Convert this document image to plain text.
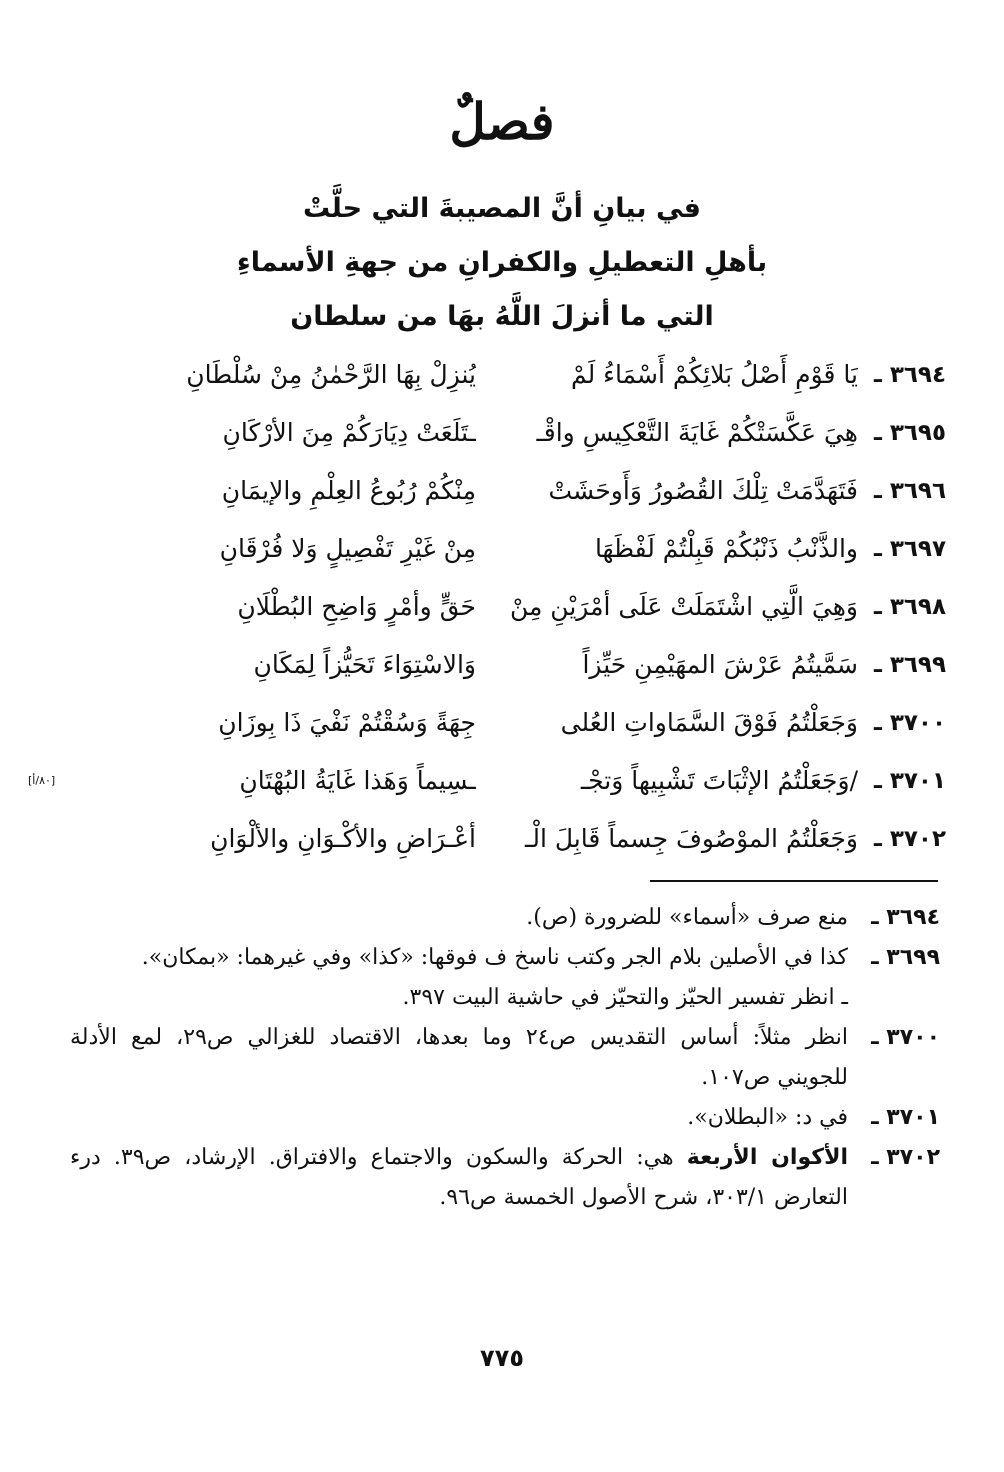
فصلٌ
في بيانِ أنَّ المصيبةَ التي حلَّتْ
بأهلِ التعطيلِ والكفرانِ من جهةِ الأسماءِ
التي ما أنزلَ اللَّهُ بهَا من سلطان
٣٦٩٤ ـ
يَا قَوْمِ أَصْلُ بَلائِكُمْ أَسْمَاءُ لَمْ
يُنزِلْ بِهَا الرَّحْمٰنُ مِنْ سُلْطَانِ
٣٦٩٥ ـ
هِيَ عَكَّسَتْكُمْ غَايَةَ التَّعْكِيسِ واقْـ
ـتَلَعَتْ دِيَارَكُمْ مِنَ الأرْكَانِ
٣٦٩٦ ـ
فَتَهَدَّمَتْ تِلْكَ القُصُورُ وَأَوحَشَتْ
مِنْكُمْ رُبُوعُ العِلْمِ والإيمَانِ
٣٦٩٧ ـ
والذَّنْبُ ذَنْبُكُمْ قَبِلْتُمْ لَفْظَهَا
مِنْ غَيْرِ تَفْصِيلٍ وَلا فُرْقَانِ
٣٦٩٨ ـ
وَهِيَ الَّتِي اشْتَمَلَتْ عَلَى أمْرَيْنِ مِنْ
حَقٍّ وأمْرٍ وَاضِحِ البُطْلَانِ
٣٦٩٩ ـ
سَمَّيتُمُ عَرْشَ المهَيْمِنِ حَيِّزاً
وَالاسْتِوَاءَ تَحَيُّزاً لِمَكَانِ
٣٧٠٠ ـ
وَجَعَلْتُمُ فَوْقَ السَّمَاواتِ العُلى
جِهَةً وَسُقْتُمْ نَفْيَ ذَا بِوزَانِ
٣٧٠١ ـ
/وَجَعَلْتُمُ الإثْبَاتَ تَشْبِيهاً وَتجْـ
ـسِيماً وَهَذا غَايَةُ البُهْتَانِ
[٨٠/أ]
٣٧٠٢ ـ
وَجَعَلْتُمُ الموْصُوفَ جِسماً قَابِلَ الْـ
أعْـرَاضِ والأكْـوَانِ والألْوَانِ
٣٦٩٤ ـ
منع صرف «أسماء» للضرورة (ص).
٣٦٩٩ ـ
كذا في الأصلين بلام الجر وكتب ناسخ ف فوقها: «كذا» وفي غيرهما: «بمكان».
ـ انظر تفسير الحيّز والتحيّز في حاشية البيت ٣٩٧.
٣٧٠٠ ـ
انظر مثلاً: أساس التقديس ص٢٤ وما بعدها، الاقتصاد للغزالي ص٢٩، لمع الأدلة للجويني ص١٠٧.
٣٧٠١ ـ
في د: «البطلان».
٣٧٠٢ ـ
الأكوان الأربعة هي: الحركة والسكون والاجتماع والافتراق. الإرشاد، ص٣٩. درء التعارض ٣٠٣/١، شرح الأصول الخمسة ص٩٦.
٧٧٥
